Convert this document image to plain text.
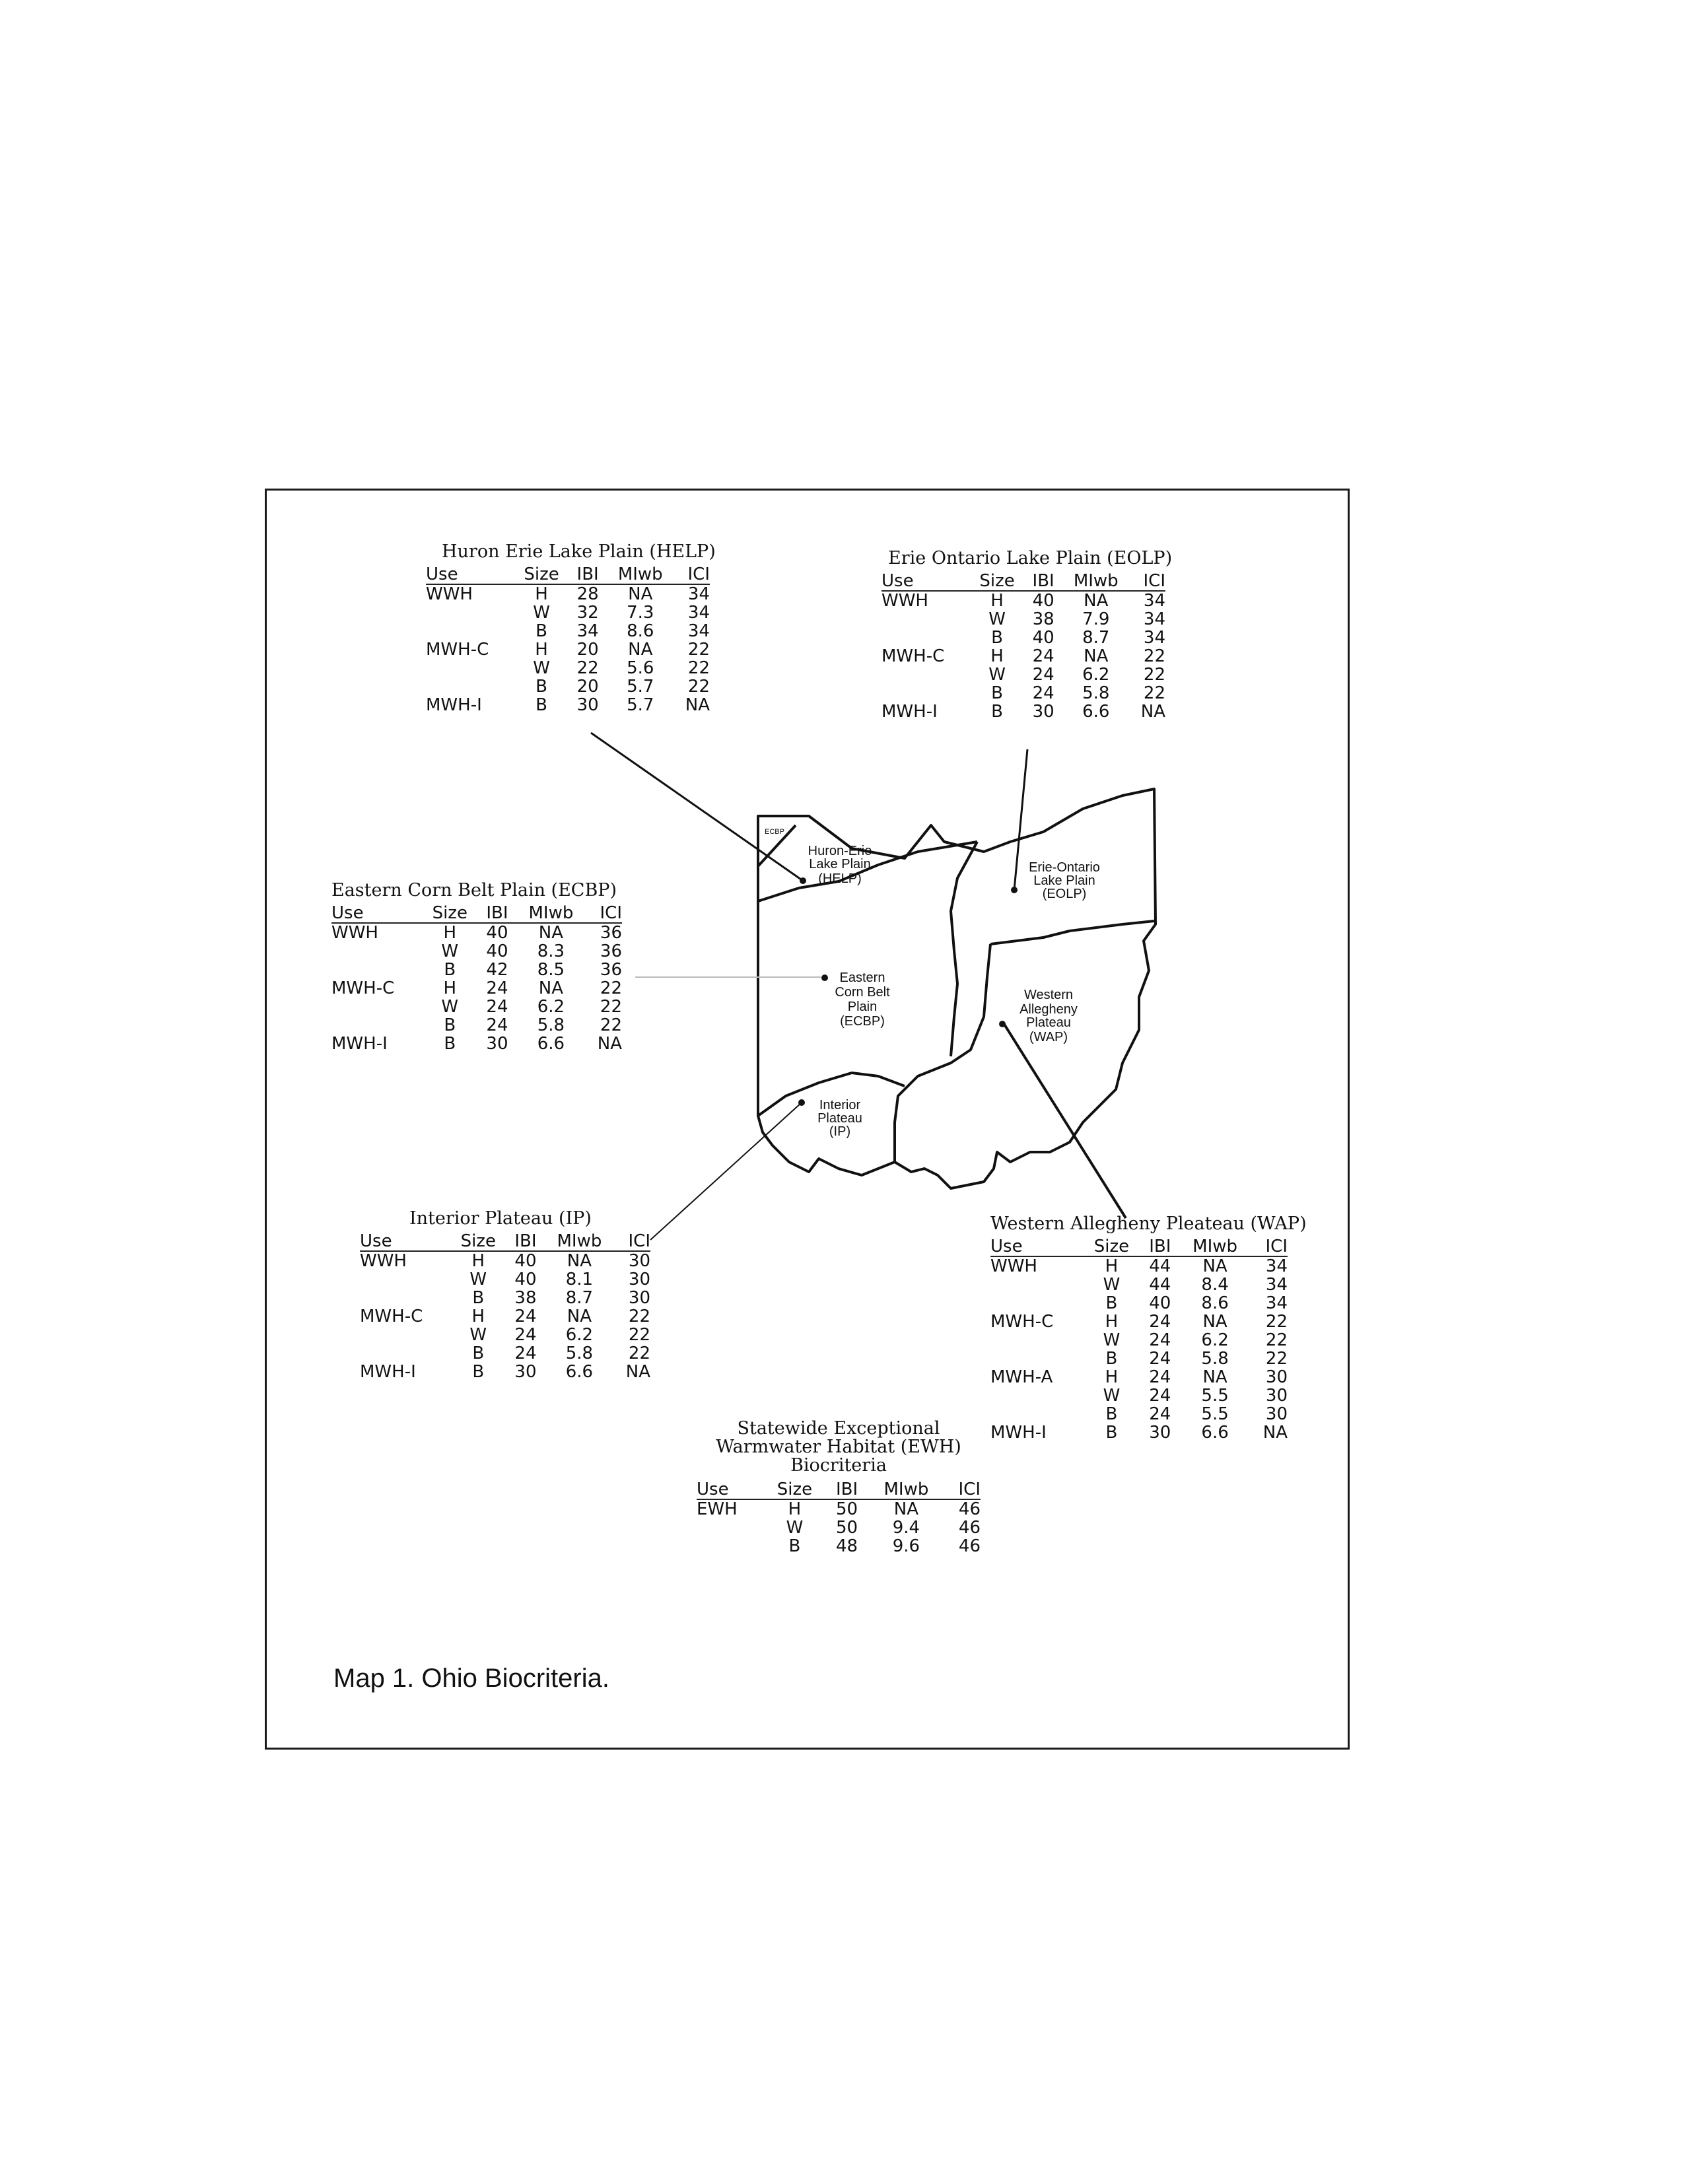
Huron-Erie
Lake Plain
(HELP)
Erie-Ontario
Lake Plain
(EOLP)
Eastern
Corn Belt
Plain
(ECBP)
Western
Allegheny
Plateau
(WAP)
Interior
Plateau
(IP)
ECBP
Huron Erie Lake Plain (HELP)
Use	Size	IBI	MIwb	ICI
WWH	H	28	NA	34
	W	32	7.3	34
	B	34	8.6	34
MWH-C	H	20	NA	22
	W	22	5.6	22
	B	20	5.7	22
MWH-I	B	30	5.7	NA
Erie Ontario Lake Plain (EOLP)
Use	Size	IBI	MIwb	ICI
WWH	H	40	NA	34
	W	38	7.9	34
	B	40	8.7	34
MWH-C	H	24	NA	22
	W	24	6.2	22
	B	24	5.8	22
MWH-I	B	30	6.6	NA
Eastern Corn Belt Plain (ECBP)
Use	Size	IBI	MIwb	ICI
WWH	H	40	NA	36
	W	40	8.3	36
	B	42	8.5	36
MWH-C	H	24	NA	22
	W	24	6.2	22
	B	24	5.8	22
MWH-I	B	30	6.6	NA
Interior Plateau (IP)
Use	Size	IBI	MIwb	ICI
WWH	H	40	NA	30
	W	40	8.1	30
	B	38	8.7	30
MWH-C	H	24	NA	22
	W	24	6.2	22
	B	24	5.8	22
MWH-I	B	30	6.6	NA
Western Allegheny Pleateau (WAP)
Use	Size	IBI	MIwb	ICI
WWH	H	44	NA	34
	W	44	8.4	34
	B	40	8.6	34
MWH-C	H	24	NA	22
	W	24	6.2	22
	B	24	5.8	22
MWH-A	H	24	NA	30
	W	24	5.5	30
	B	24	5.5	30
MWH-I	B	30	6.6	NA
Statewide Exceptional
Warmwater Habitat (EWH)
Biocriteria
Use	Size	IBI	MIwb	ICI
EWH	H	50	NA	46
	W	50	9.4	46
	B	48	9.6	46
Map 1. Ohio Biocriteria.
